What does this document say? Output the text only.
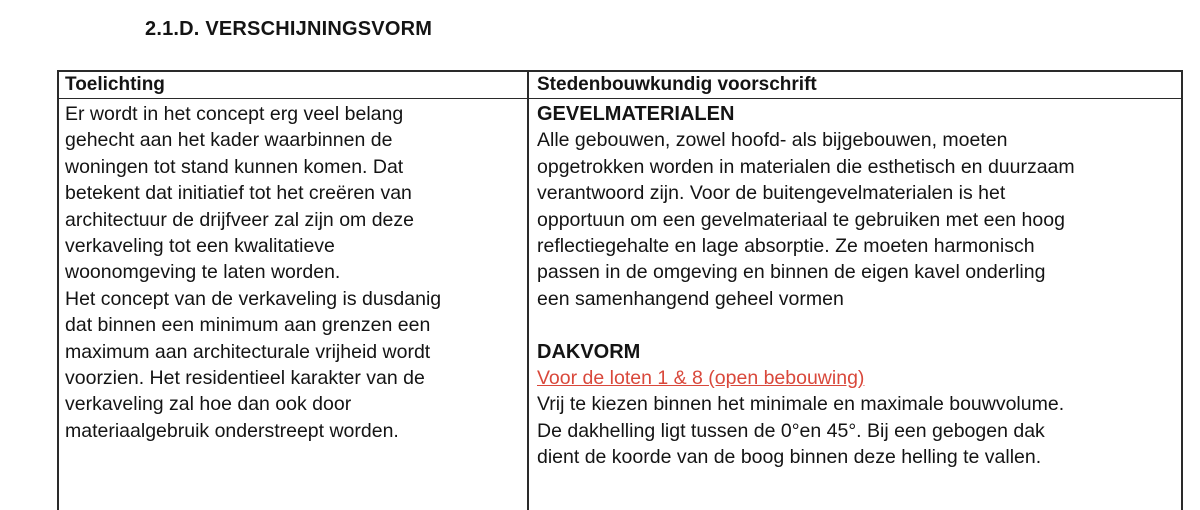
2.1.D. VERSCHIJNINGSVORM
Toelichting	Stedenbouwkundig voorschrift
Er wordt in het concept erg veel belang
gehecht aan het kader waarbinnen de
woningen tot stand kunnen komen. Dat
betekent dat initiatief tot het creëren van
architectuur de drijfveer zal zijn om deze
verkaveling tot een kwalitatieve
woonomgeving te laten worden.
Het concept van de verkaveling is dusdanig
dat binnen een minimum aan grenzen een
maximum aan architecturale vrijheid wordt
voorzien. Het residentieel karakter van de
verkaveling zal hoe dan ook door
materiaalgebruik onderstreept worden.
GEVELMATERIALEN
Alle gebouwen, zowel hoofd- als bijgebouwen, moeten
opgetrokken worden in materialen die esthetisch en duurzaam
verantwoord zijn. Voor de buitengevelmaterialen is het
opportuun om een gevelmateriaal te gebruiken met een hoog
reflectiegehalte en lage absorptie. Ze moeten harmonisch
passen in de omgeving en binnen de eigen kavel onderling
een samenhangend geheel vormen
DAKVORM
Voor de loten 1 & 8 (open bebouwing)
Vrij te kiezen binnen het minimale en maximale bouwvolume.
De dakhelling ligt tussen de 0°en 45°. Bij een gebogen dak
dient de koorde van de boog binnen deze helling te vallen.
